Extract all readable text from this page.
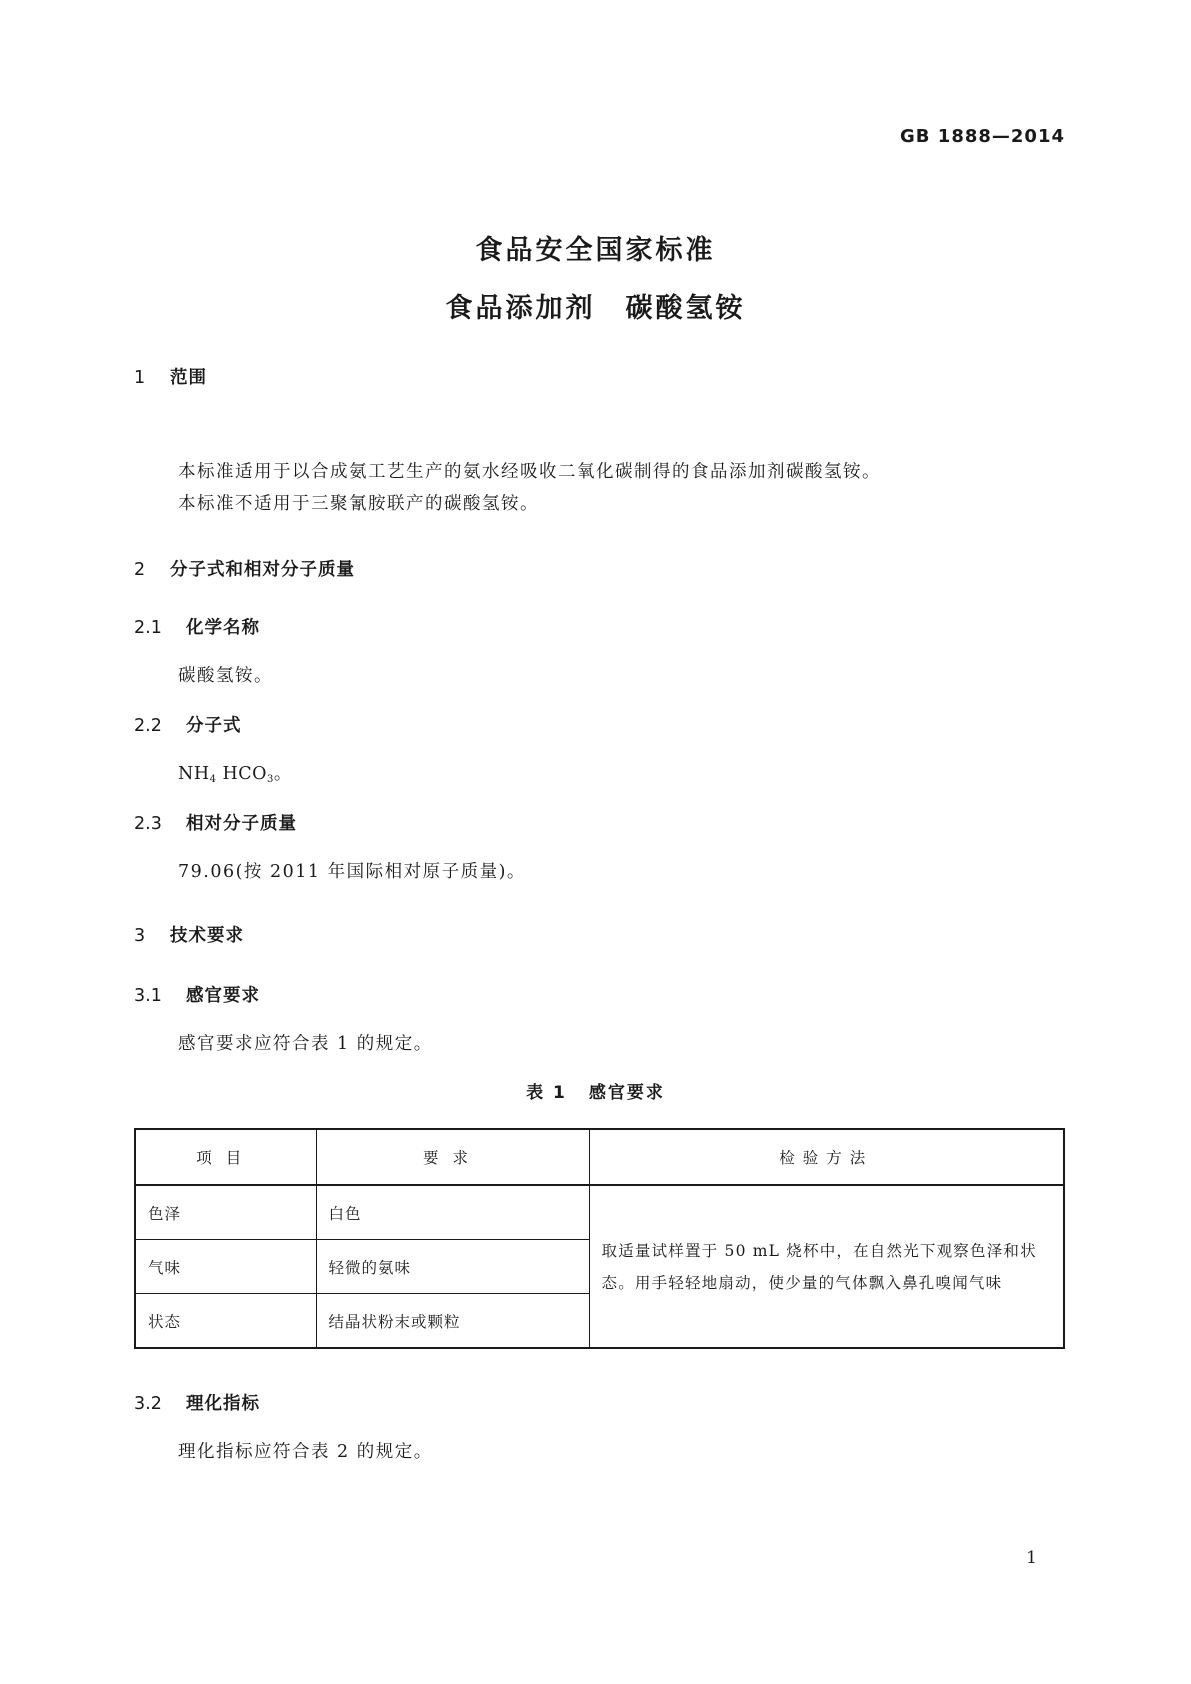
GB 1888—2014
食品安全国家标准
食品添加剂　碳酸氢铵
1 范围
本标准适用于以合成氨工艺生产的氨水经吸收二氧化碳制得的食品添加剂碳酸氢铵。
本标准不适用于三聚氰胺联产的碳酸氢铵。
2 分子式和相对分子质量
2.1 化学名称
碳酸氢铵。
2.2 分子式
$NH_4$ $HCO_3$。
2.3 相对分子质量
79.06(按 2011 年国际相对原子质量)。
3 技术要求
3.1 感官要求
感官要求应符合表 1 的规定。
表 1 感官要求
项目	要求	检验方法
色泽	白色	取适量试样置于 50 mL 烧杯中，在自然光下观察色泽和状态。用手轻轻地扇动，使少量的气体飘入鼻孔嗅闻气味
气味	轻微的氨味	
状态	结晶状粉末或颗粒	
3.2 理化指标
理化指标应符合表 2 的规定。
1
